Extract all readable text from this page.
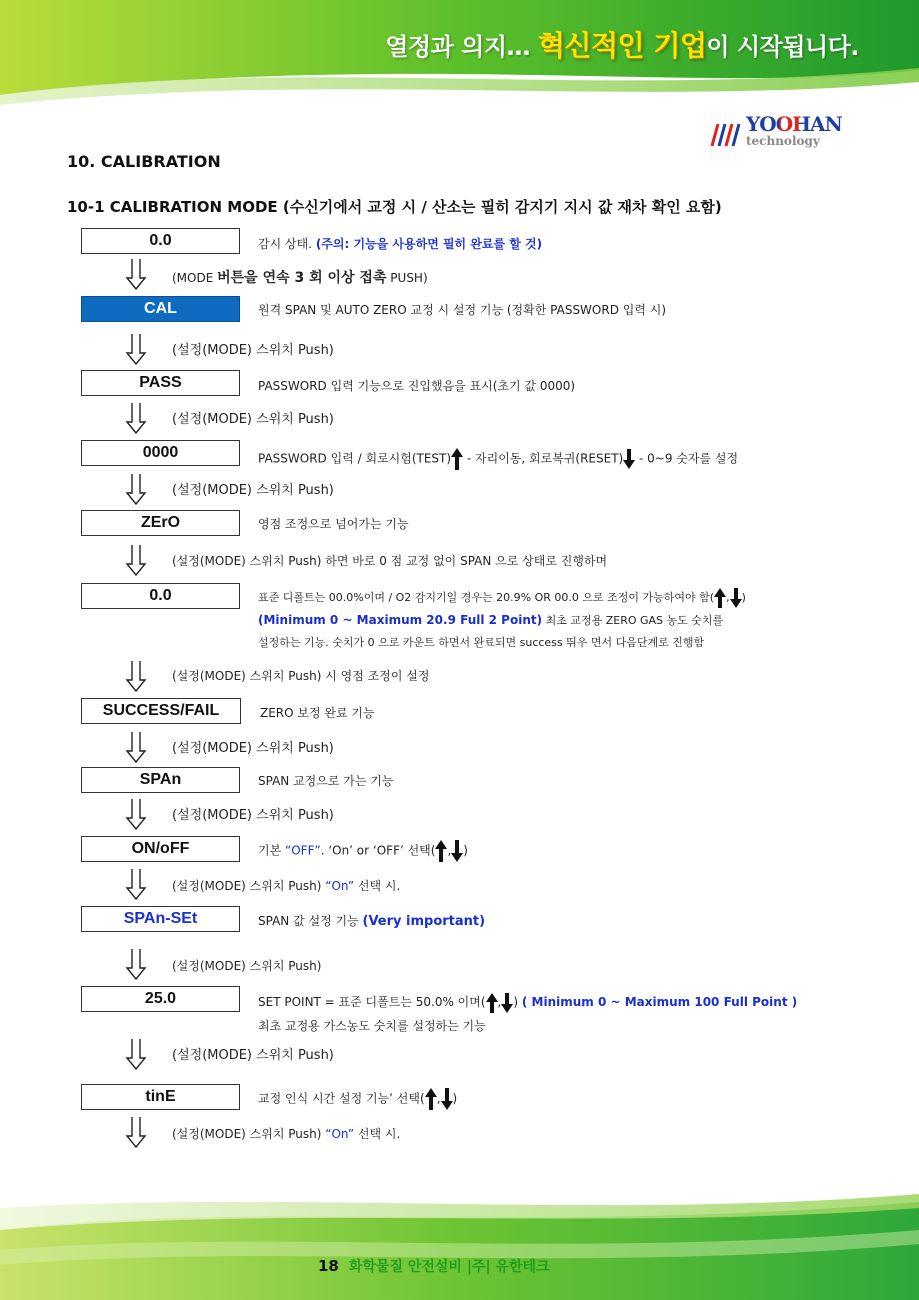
열정과 의지… 혁신적인 기업이 시작됩니다.
YOOHAN
technology
10. CALIBRATION
10-1 CALIBRATION MODE (수신기에서 교정 시 / 산소는 필히 감지기 지시 값 재차 확인 요함)
0.0	감시 상태. (주의: 기능을 사용하면 필히 완료를 할 것)
(MODE 버튼을 연속 3 회 이상 접촉 PUSH)
CAL	원격 SPAN 및 AUTO ZERO 교정 시 설정 기능 (정확한 PASSWORD 입력 시)
(설정(MODE) 스위치 Push)
PASS	PASSWORD 입력 기능으로 진입했음을 표시(초기 값 0000)
(설정(MODE) 스위치 Push)
0000	PASSWORD 입력 / 회로시험(TEST) - 자리이동, 회로복귀(RESET) - 0~9 숫자를 설정
(설정(MODE) 스위치 Push)
ZErO	영점 조정으로 넘어가는 기능
(설정(MODE) 스위치 Push) 하면 바로 0 점 교정 없이 SPAN 으로 상태로 진행하며
0.0	표준 디폴트는 00.0%이며 / O2 감지기일 경우는 20.9% OR 00.0 으로 조정이 가능하여야 함( , )
(Minimum 0 ~ Maximum 20.9 Full 2 Point) 최초 교정용 ZERO GAS 농도 숫치를
설정하는 기능. 숫치가 0 으로 카운트 하면서 완료되면 success 뛰우 면서 다음단계로 진행함
(설정(MODE) 스위치 Push) 시 영점 조정이 설정
SUCCESS/FAIL	ZERO 보정 완료 기능
(설정(MODE) 스위치 Push)
SPAn	SPAN 교정으로 가는 기능
(설정(MODE) 스위치 Push)
ON/oFF	기본 “OFF”. ‘On’ or ‘OFF’ 선택( , )
(설정(MODE) 스위치 Push) “On” 선택 시.
SPAn-SEt	SPAN 값 설정 기능 (Very important)
(설정(MODE) 스위치 Push)
25.0	SET POINT = 표준 디폴트는 50.0% 이며( , ) ( Minimum 0 ~ Maximum 100 Full Point )
최초 교정용 가스농도 숫치를 설정하는 기능
(설정(MODE) 스위치 Push)
tinE	교정 인식 시간 설정 기능’ 선택( , )
(설정(MODE) 스위치 Push) “On” 선택 시.
18 화학물질 안전설비 |주| 유한테크
